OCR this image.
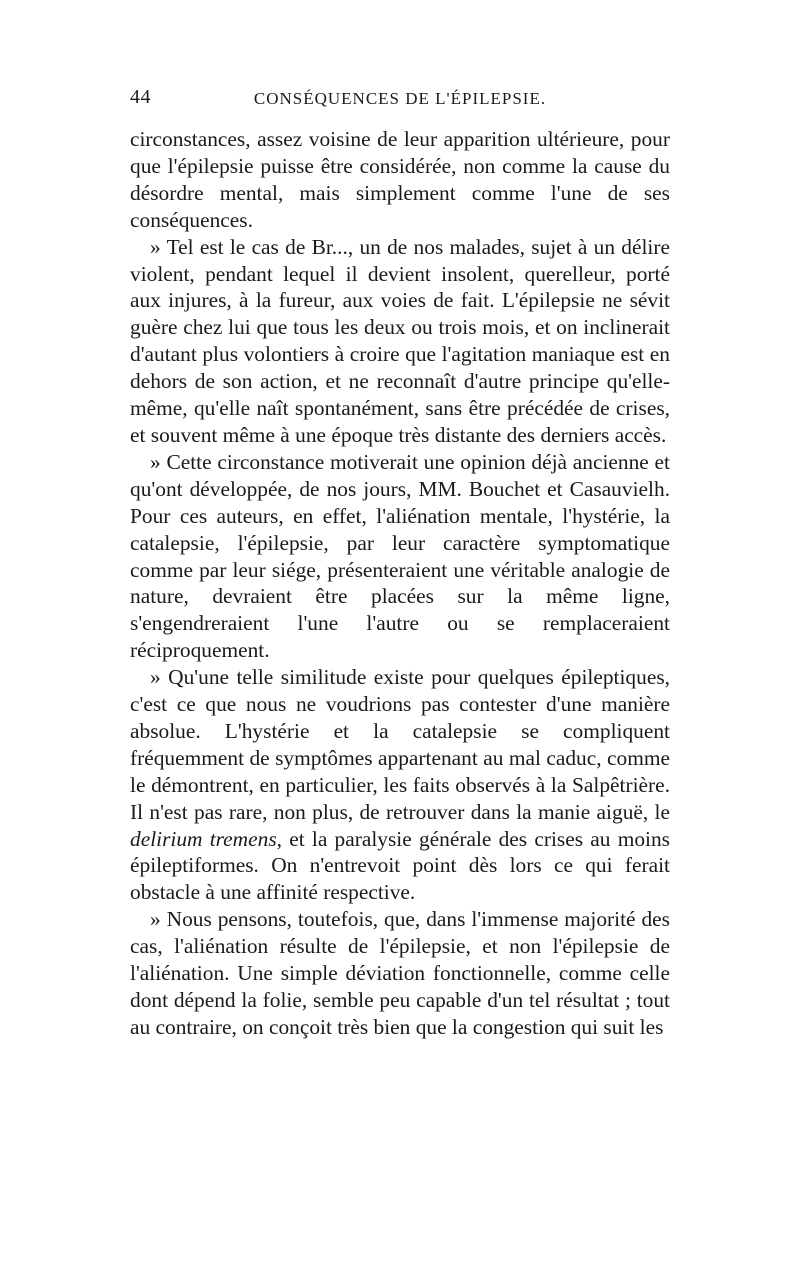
44	CONSÉQUENCES DE L'ÉPILEPSIE.

circonstances, assez voisine de leur apparition ultérieure, pour que l'épilepsie puisse être considérée, non comme la cause du désordre mental, mais simplement comme l'une de ses conséquences.

» Tel est le cas de Br..., un de nos malades, sujet à un délire violent, pendant lequel il devient insolent, querelleur, porté aux injures, à la fureur, aux voies de fait. L'épilepsie ne sévit guère chez lui que tous les deux ou trois mois, et on inclinerait d'autant plus volontiers à croire que l'agitation maniaque est en dehors de son action, et ne reconnaît d'autre principe qu'elle-même, qu'elle naît spontanément, sans être précédée de crises, et souvent même à une époque très distante des derniers accès.

» Cette circonstance motiverait une opinion déjà ancienne et qu'ont développée, de nos jours, MM. Bouchet et Casauvielh. Pour ces auteurs, en effet, l'aliénation mentale, l'hystérie, la catalepsie, l'épilepsie, par leur caractère symptomatique comme par leur siége, présenteraient une véritable analogie de nature, devraient être placées sur la même ligne, s'engendreraient l'une l'autre ou se remplaceraient réciproquement.

» Qu'une telle similitude existe pour quelques épileptiques, c'est ce que nous ne voudrions pas contester d'une manière absolue. L'hystérie et la catalepsie se compliquent fréquemment de symptômes appartenant au mal caduc, comme le démontrent, en particulier, les faits observés à la Salpêtrière. Il n'est pas rare, non plus, de retrouver dans la manie aiguë, le delirium tremens, et la paralysie générale des crises au moins épileptiformes. On n'entrevoit point dès lors ce qui ferait obstacle à une affinité respective.

» Nous pensons, toutefois, que, dans l'immense majorité des cas, l'aliénation résulte de l'épilepsie, et non l'épilepsie de l'aliénation. Une simple déviation fonctionnelle, comme celle dont dépend la folie, semble peu capable d'un tel résultat ; tout au contraire, on conçoit très bien que la congestion qui suit les
